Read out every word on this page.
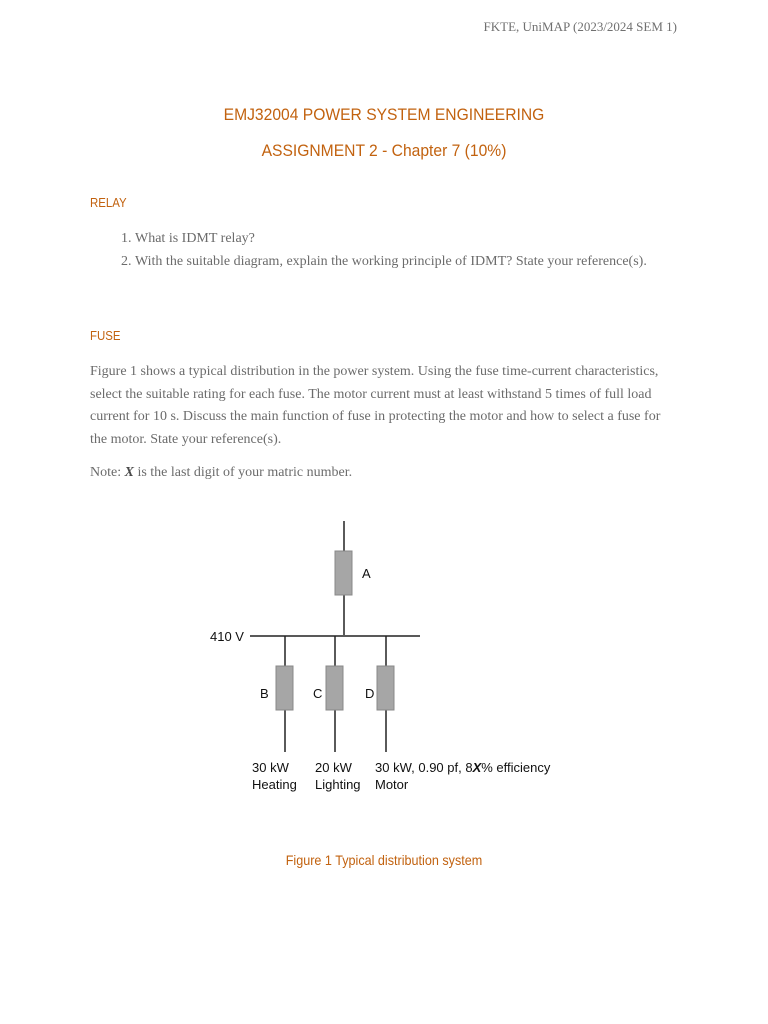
FKTE, UniMAP (2023/2024 SEM 1)
EMJ32004 POWER SYSTEM ENGINEERING
ASSIGNMENT 2 - Chapter 7 (10%)
RELAY
1. What is IDMT relay?
2. With the suitable diagram, explain the working principle of IDMT? State your reference(s).
FUSE

Figure 1 shows a typical distribution in the power system. Using the fuse time-current characteristics, select the suitable rating for each fuse. The motor current must at least withstand 5 times of full load current for 10 s. Discuss the main function of fuse in protecting the motor and how to select a fuse for the motor. State your reference(s).

Note: X is the last digit of your matric number.

A
410 V
B	C	D
30 kW
Heating
20 kW
Lighting
30 kW, 0.90 pf, 8X% efficiency
Motor
Figure 1 Typical distribution system
